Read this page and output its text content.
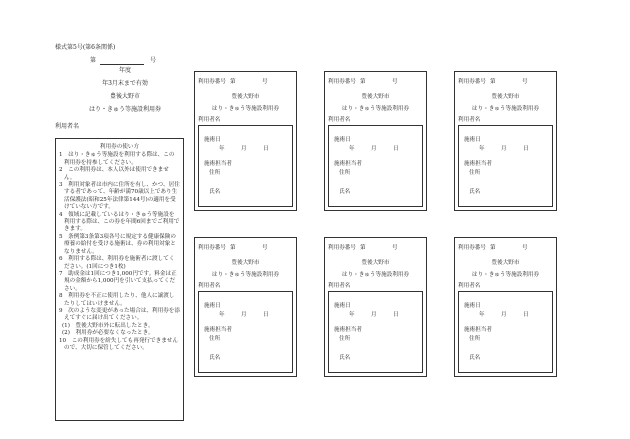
様式第5号(第6条関係)
第	号
年度
年3月末まで有効
豊後大野市
はり・きゅう等施設利用券
利用者名
利用券の使い方
1　はり・きゅう等施設を利用する際は、この利用券を持参してください。
2　この利用券は、本人以外は使用できません。
3　利用対象者は市内に住所を有し、かつ、居住する者であって、年齢が満70歳以上であり生活保護法(昭和25年法律第144号)の適用を受けていない方です。
4　領域に記載しているはり・きゅう等施設を利用する際は、この券を年間6回までご利用できます。
5　条例第3条第3項各号に規定する健康保険の療養の給付を受ける施術は、券の利用対象となりません。
6　利用する際は、利用券を施術者に渡してください。(1回につき1枚)
7　助成金は1回につき1,000円です。料金は正規の金額から1,000円を引いて支払ってください。
8　利用券を不正に使用したり、他人に譲渡したりしてはいけません。
9　次のような変更があった場合は、利用券を添えてすぐに届け出てください。
(1)　豊後大野市外に転出したとき。
(2)　利用券が必要なくなったとき。
10　この利用券を紛失しても再発行できませんので、大切に保管してください。
利用券番号 第	号
豊後大野市
はり・きゅう等施設利用券
利用者名
施術日
年	月	日
施術担当者
住所
氏名
利用券番号 第	号
豊後大野市
はり・きゅう等施設利用券
利用者名
施術日
年	月	日
施術担当者
住所
氏名
利用券番号 第	号
豊後大野市
はり・きゅう等施設利用券
利用者名
施術日
年	月	日
施術担当者
住所
氏名
利用券番号 第	号
豊後大野市
はり・きゅう等施設利用券
利用者名
施術日
年	月	日
施術担当者
住所
氏名
利用券番号 第	号
豊後大野市
はり・きゅう等施設利用券
利用者名
施術日
年	月	日
施術担当者
住所
氏名
利用券番号 第	号
豊後大野市
はり・きゅう等施設利用券
利用者名
施術日
年	月	日
施術担当者
住所
氏名
